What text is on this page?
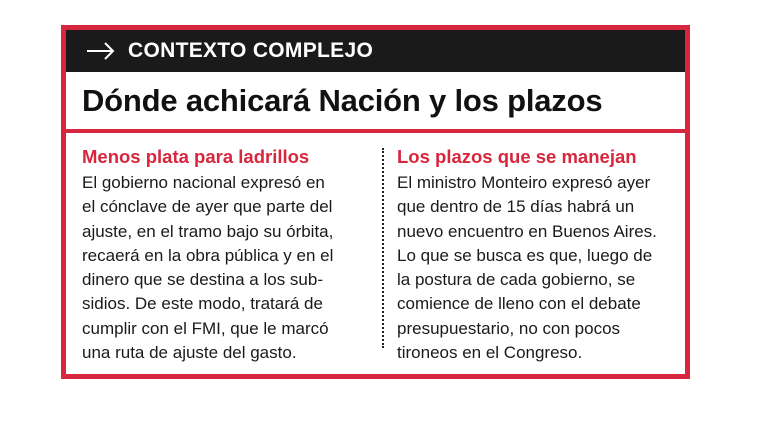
CONTEXTO COMPLEJO
Dónde achicará Nación y los plazos
Menos plata para ladrillos

El gobierno nacional expresó en
el cónclave de ayer que parte del
ajuste, en el tramo bajo su órbita,
recaerá en la obra pública y en el
dinero que se destina a los sub-
sidios. De este modo, tratará de
cumplir con el FMI, que le marcó
una ruta de ajuste del gasto.

Los plazos que se manejan

El ministro Monteiro expresó ayer
que dentro de 15 días habrá un
nuevo encuentro en Buenos Aires.
Lo que se busca es que, luego de
la postura de cada gobierno, se
comience de lleno con el debate
presupuestario, no con pocos
tironeos en el Congreso.
